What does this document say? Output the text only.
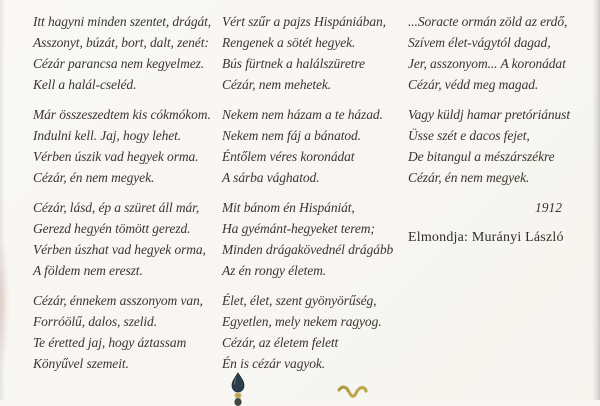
Itt hagyni minden szentet, drágát,
Asszonyt, búzát, bort, dalt, zenét:
Cézár parancsa nem kegyelmez.
Kell a halál-cseléd.
Már összeszedtem kis cókmókom.
Indulni kell. Jaj, hogy lehet.
Vérben úszik vad hegyek orma.
Cézár, én nem megyek.
Cézár, lásd, ép a szüret áll már,
Gerezd hegyén tömött gerezd.
Vérben úszhat vad hegyek orma,
A földem nem ereszt.
Cézár, énnekem asszonyom van,
Forróölű, dalos, szelid.
Te éretted jaj, hogy áztassam
Könyűvel szemeit.
Vért szűr a pajzs Hispániában,
Rengenek a sötét hegyek.
Bús fürtnek a halálszüretre
Cézár, nem mehetek.
Nekem nem házam a te házad.
Nekem nem fáj a bánatod.
Éntőlem véres koronádat
A sárba vághatod.
Mit bánom én Hispániát,
Ha gyémánt-hegyeket terem;
Minden drágakövednél drágább
Az én rongy életem.
Élet, élet, szent gyönyörűség,
Egyetlen, mely nekem ragyog.
Cézár, az életem felett
Én is cézár vagyok.
...Soracte ormán zöld az erdő,
Szívem élet-vágytól dagad,
Jer, asszonyom... A koronádat
Cézár, védd meg magad.
Vagy küldj hamar pretóriánust
Üsse szét e dacos fejet,
De bitangul a mészárszékre
Cézár, én nem megyek.
1912
Elmondja: Murányi László
